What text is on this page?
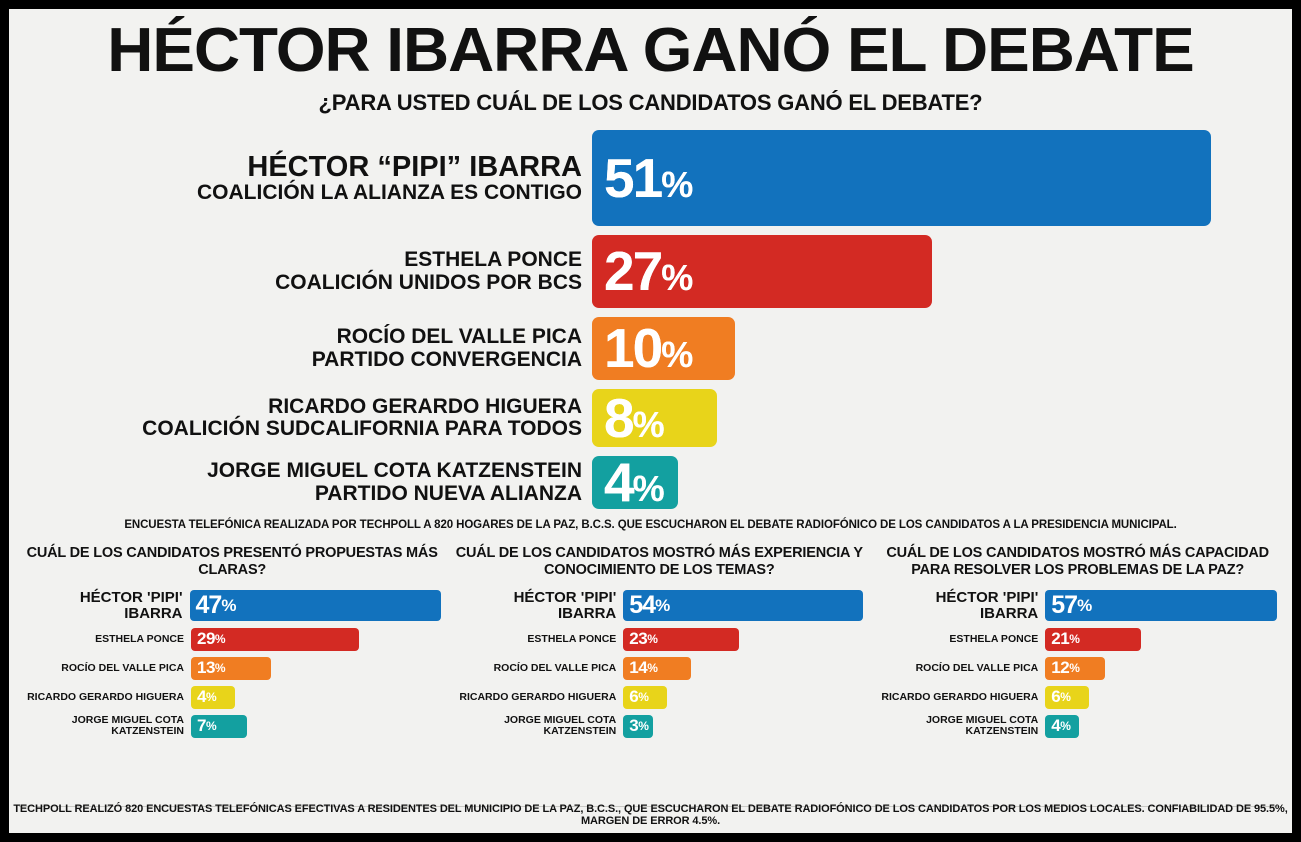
HÉCTOR IBARRA GANÓ EL DEBATE
¿PARA USTED CUÁL DE LOS CANDIDATOS GANÓ EL DEBATE?
HÉCTOR “PIPI” IBARRA
COALICIÓN LA ALIANZA ES CONTIGO 51%
ESTHELA PONCE
COALICIÓN UNIDOS POR BCS 27%
ROCÍO DEL VALLE PICA
PARTIDO CONVERGENCIA 10%
RICARDO GERARDO HIGUERA
COALICIÓN SUDCALIFORNIA PARA TODOS 8%
JORGE MIGUEL COTA KATZENSTEIN
PARTIDO NUEVA ALIANZA 4%
ENCUESTA TELEFÓNICA REALIZADA POR TECHPOLL A 820 HOGARES DE LA PAZ, B.C.S. QUE ESCUCHARON EL DEBATE RADIOFÓNICO DE LOS CANDIDATOS A LA PRESIDENCIA MUNICIPAL.
CUÁL DE LOS CANDIDATOS PRESENTÓ PROPUESTAS MÁS CLARAS?
HÉCTOR 'PIPI' IBARRA 47 %
ESTHELA PONCE 29 %
ROCÍO DEL VALLE PICA 13 %
RICARDO GERARDO HIGUERA 4 %
JORGE MIGUEL COTA KATZENSTEIN 7 %
CUÁL DE LOS CANDIDATOS MOSTRÓ MÁS EXPERIENCIA Y CONOCIMIENTO DE LOS TEMAS?
HÉCTOR 'PIPI' IBARRA 54 %
ESTHELA PONCE 23 %
ROCÍO DEL VALLE PICA 14 %
RICARDO GERARDO HIGUERA 6 %
JORGE MIGUEL COTA KATZENSTEIN 3 %
CUÁL DE LOS CANDIDATOS MOSTRÓ MÁS CAPACIDAD PARA RESOLVER LOS PROBLEMAS DE LA PAZ?
HÉCTOR 'PIPI' IBARRA 57 %
ESTHELA PONCE 21 %
ROCÍO DEL VALLE PICA 12 %
RICARDO GERARDO HIGUERA 6 %
JORGE MIGUEL COTA KATZENSTEIN 4 %
TECHPOLL REALIZÓ 820 ENCUESTAS TELEFÓNICAS EFECTIVAS A RESIDENTES DEL MUNICIPIO DE LA PAZ, B.C.S., QUE ESCUCHARON EL DEBATE RADIOFÓNICO DE LOS CANDIDATOS POR LOS MEDIOS LOCALES. CONFIABILIDAD DE 95.5%, MARGEN DE ERROR 4.5%.
